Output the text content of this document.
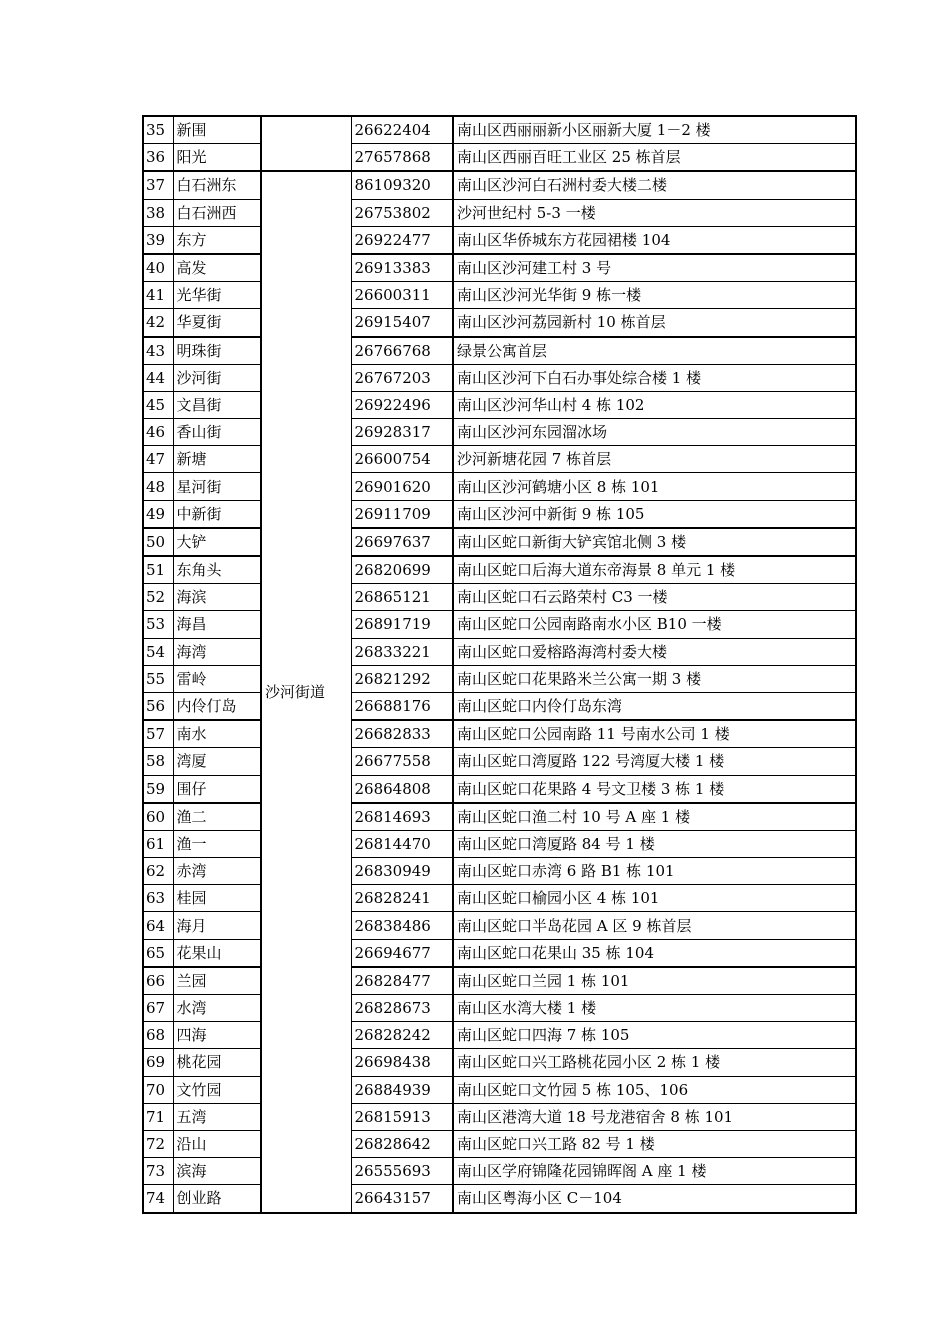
35	新围		26622404	南山区西丽丽新小区丽新大厦 1－2 楼
36	阳光		27657868	南山区西丽百旺工业区 25 栋首层
37	白石洲东	沙河街道	86109320	南山区沙河白石洲村委大楼二楼
38	白石洲西		26753802	沙河世纪村 5-3 一楼
39	东方		26922477	南山区华侨城东方花园裙楼 104
40	高发		26913383	南山区沙河建工村 3 号
41	光华街		26600311	南山区沙河光华街 9 栋一楼
42	华夏街		26915407	南山区沙河荔园新村 10 栋首层
43	明珠街		26766768	绿景公寓首层
44	沙河街		26767203	南山区沙河下白石办事处综合楼 1 楼
45	文昌街		26922496	南山区沙河华山村 4 栋 102
46	香山街		26928317	南山区沙河东园溜冰场
47	新塘		26600754	沙河新塘花园 7 栋首层
48	星河街		26901620	南山区沙河鹤塘小区 8 栋 101
49	中新街		26911709	南山区沙河中新街 9 栋 105
50	大铲		26697637	南山区蛇口新街大铲宾馆北侧 3 楼
51	东角头		26820699	南山区蛇口后海大道东帝海景 8 单元 1 楼
52	海滨		26865121	南山区蛇口石云路荣村 C3 一楼
53	海昌		26891719	南山区蛇口公园南路南水小区 B10 一楼
54	海湾		26833221	南山区蛇口爱榕路海湾村委大楼
55	雷岭		26821292	南山区蛇口花果路米兰公寓一期 3 楼
56	内伶仃岛		26688176	南山区蛇口内伶仃岛东湾
57	南水		26682833	南山区蛇口公园南路 11 号南水公司 1 楼
58	湾厦		26677558	南山区蛇口湾厦路 122 号湾厦大楼 1 楼
59	围仔		26864808	南山区蛇口花果路 4 号文卫楼 3 栋 1 楼
60	渔二		26814693	南山区蛇口渔二村 10 号 A 座 1 楼
61	渔一		26814470	南山区蛇口湾厦路 84 号 1 楼
62	赤湾		26830949	南山区蛇口赤湾 6 路 B1 栋 101
63	桂园		26828241	南山区蛇口榆园小区 4 栋 101
64	海月		26838486	南山区蛇口半岛花园 A 区 9 栋首层
65	花果山		26694677	南山区蛇口花果山 35 栋 104
66	兰园		26828477	南山区蛇口兰园 1 栋 101
67	水湾		26828673	南山区水湾大楼 1 楼
68	四海		26828242	南山区蛇口四海 7 栋 105
69	桃花园		26698438	南山区蛇口兴工路桃花园小区 2 栋 1 楼
70	文竹园		26884939	南山区蛇口文竹园 5 栋 105、106
71	五湾		26815913	南山区港湾大道 18 号龙港宿舍 8 栋 101
72	沿山		26828642	南山区蛇口兴工路 82 号 1 楼
73	滨海		26555693	南山区学府锦隆花园锦晖阁 A 座 1 楼
74	创业路		26643157	南山区粤海小区 C－104
